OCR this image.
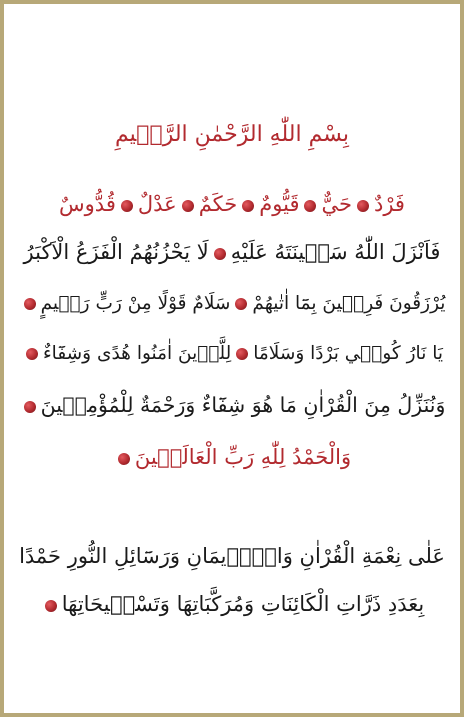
بِسْمِ اللّٰهِ الرَّحْمٰنِ الرَّح۪يمِ
فَرْدٌحَيٌّقَيُّومٌحَكَمٌعَدْلٌقُدُّوسٌ
فَاَنْزَلَ اللّٰهُ سَك۪ينَتَهُ عَلَيْهِلَا يَحْزُنُهُمُ الْفَزَعُ الْاَكْبَرُ
يُرْزَقُونَ فَرِح۪ينَ بِمَٓا اٰتٰيهُمْسَلَامٌ قَوْلًا مِنْ رَبٍّ رَح۪يمٍ
يَا نَارُ كُون۪ي بَرْدًا وَسَلَامًالِلَّذ۪ينَ اٰمَنُوا هُدًى وَشِفَٓاءٌ
وَنُنَزِّلُ مِنَ الْقُرْاٰنِ مَا هُوَ شِفَٓاءٌ وَرَحْمَةٌ لِلْمُؤْمِن۪ينَ
وَالْحَمْدُ لِلّٰهِ رَبِّ الْعَالَم۪ينَ
عَلٰى نِعْمَةِ الْقُرْاٰنِ وَالْا۪يمَانِ وَرَسَٓائِلِ النُّورِ حَمْدًا
بِعَدَدِ ذَرَّاتِ الْكَائِنَاتِ وَمُرَكَّبَاتِهَا وَتَسْب۪يحَاتِهَا
